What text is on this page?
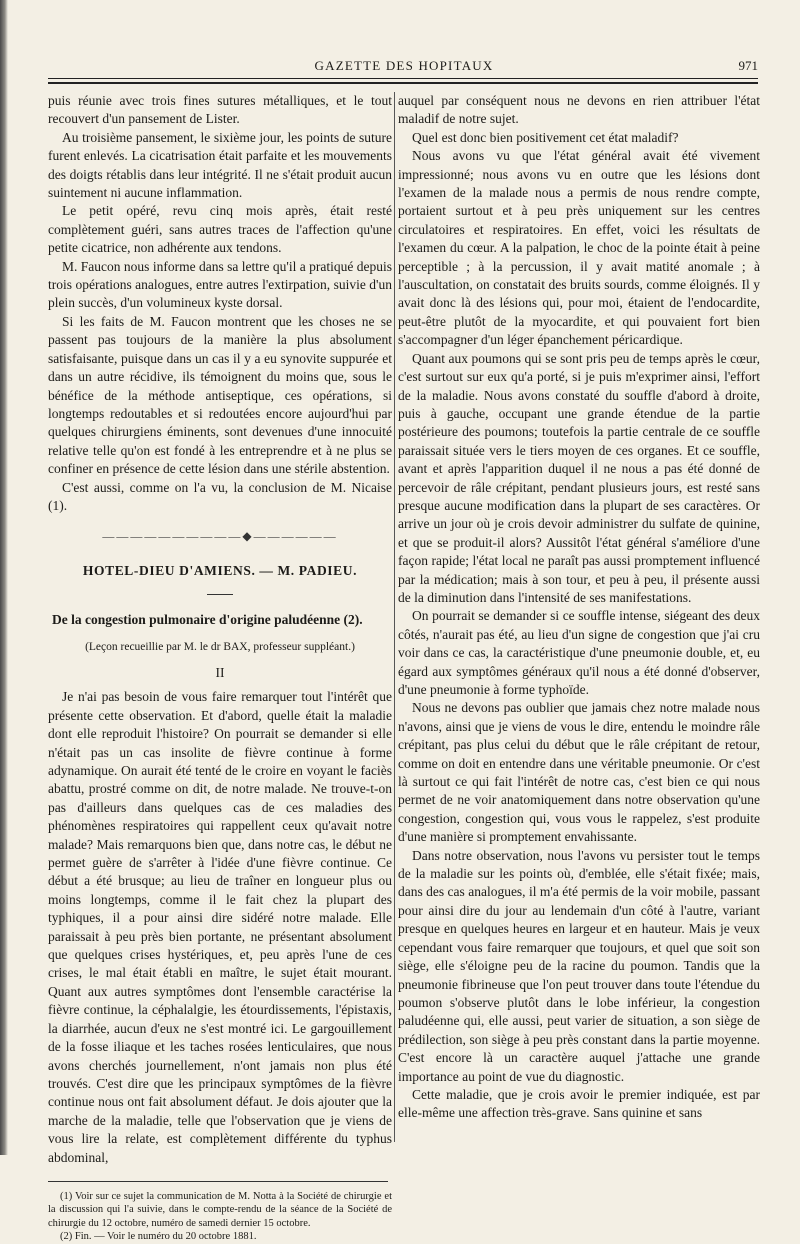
GAZETTE DES HOPITAUX	971

puis réunie avec trois fines sutures métalliques, et le tout recouvert d'un pansement de Lister.

Au troisième pansement, le sixième jour, les points de suture furent enlevés. La cicatrisation était parfaite et les mouvements des doigts rétablis dans leur intégrité. Il ne s'était produit aucun suintement ni aucune inflammation.

Le petit opéré, revu cinq mois après, était resté complètement guéri, sans autres traces de l'affection qu'une petite cicatrice, non adhérente aux tendons.

M. Faucon nous informe dans sa lettre qu'il a pratiqué depuis trois opérations analogues, entre autres l'extirpation, suivie d'un plein succès, d'un volumineux kyste dorsal.

Si les faits de M. Faucon montrent que les choses ne se passent pas toujours de la manière la plus absolument satisfaisante, puisque dans un cas il y a eu synovite suppurée et dans un autre récidive, ils témoignent du moins que, sous le bénéfice de la méthode antiseptique, ces opérations, si longtemps redoutables et si redoutées encore aujourd'hui par quelques chirurgiens éminents, sont devenues d'une innocuité relative telle qu'on est fondé à les entreprendre et à ne plus se confiner en présence de cette lésion dans une stérile abstention.

C'est aussi, comme on l'a vu, la conclusion de M. Nicaise (1).

——————————◆——————
HOTEL-DIEU D'AMIENS. — M. PADIEU.
De la congestion pulmonaire d'origine paludéenne (2).
(Leçon recueillie par M. le dr BAX, professeur suppléant.)
II

Je n'ai pas besoin de vous faire remarquer tout l'intérêt que présente cette observation. Et d'abord, quelle était la maladie dont elle reproduit l'histoire? On pourrait se demander si elle n'était pas un cas insolite de fièvre continue à forme adynamique. On aurait été tenté de le croire en voyant le faciès abattu, prostré comme on dit, de notre malade. Ne trouve-t-on pas d'ailleurs dans quelques cas de ces maladies des phénomènes respiratoires qui rappellent ceux qu'avait notre malade? Mais remarquons bien que, dans notre cas, le début ne permet guère de s'arrêter à l'idée d'une fièvre continue. Ce début a été brusque; au lieu de traîner en longueur plus ou moins longtemps, comme il le fait chez la plupart des typhiques, il a pour ainsi dire sidéré notre malade. Elle paraissait à peu près bien portante, ne présentant absolument que quelques crises hystériques, et, peu après l'une de ces crises, le mal était établi en maître, le sujet était mourant. Quant aux autres symptômes dont l'ensemble caractérise la fièvre continue, la céphalalgie, les étourdissements, l'épistaxis, la diarrhée, aucun d'eux ne s'est montré ici. Le gargouillement de la fosse iliaque et les taches rosées lenticulaires, que nous avons cherchés journellement, n'ont jamais non plus été trouvés. C'est dire que les principaux symptômes de la fièvre continue nous ont fait absolument défaut. Je dois ajouter que la marche de la maladie, telle que l'observation que je viens de vous lire la relate, est complètement différente du typhus abdominal,

(1) Voir sur ce sujet la communication de M. Notta à la Société de chirurgie et la discussion qui l'a suivie, dans le compte-rendu de la séance de la Société de chirurgie du 12 octobre, numéro de samedi dernier 15 octobre.

(2) Fin. — Voir le numéro du 20 octobre 1881.

auquel par conséquent nous ne devons en rien attribuer l'état maladif de notre sujet.

Quel est donc bien positivement cet état maladif?

Nous avons vu que l'état général avait été vivement impressionné; nous avons vu en outre que les lésions dont l'examen de la malade nous a permis de nous rendre compte, portaient surtout et à peu près uniquement sur les centres circulatoires et respiratoires. En effet, voici les résultats de l'examen du cœur. A la palpation, le choc de la pointe était à peine perceptible ; à la percussion, il y avait matité anomale ; à l'auscultation, on constatait des bruits sourds, comme éloignés. Il y avait donc là des lésions qui, pour moi, étaient de l'endocardite, peut-être plutôt de la myocardite, et qui pouvaient fort bien s'accompagner d'un léger épanchement péricardique.

Quant aux poumons qui se sont pris peu de temps après le cœur, c'est surtout sur eux qu'a porté, si je puis m'exprimer ainsi, l'effort de la maladie. Nous avons constaté du souffle d'abord à droite, puis à gauche, occupant une grande étendue de la partie postérieure des poumons; toutefois la partie centrale de ce souffle paraissait située vers le tiers moyen de ces organes. Et ce souffle, avant et après l'apparition duquel il ne nous a pas été donné de percevoir de râle crépitant, pendant plusieurs jours, est resté sans presque aucune modification dans la plupart de ses caractères. Or arrive un jour où je crois devoir administrer du sulfate de quinine, et que se produit-il alors? Aussitôt l'état général s'améliore d'une façon rapide; l'état local ne paraît pas aussi promptement influencé par la médication; mais à son tour, et peu à peu, il présente aussi de la diminution dans l'intensité de ses manifestations.

On pourrait se demander si ce souffle intense, siégeant des deux côtés, n'aurait pas été, au lieu d'un signe de congestion que j'ai cru voir dans ce cas, la caractéristique d'une pneumonie double, et, eu égard aux symptômes généraux qu'il nous a été donné d'observer, d'une pneumonie à forme typhoïde.

Nous ne devons pas oublier que jamais chez notre malade nous n'avons, ainsi que je viens de vous le dire, entendu le moindre râle crépitant, pas plus celui du début que le râle crépitant de retour, comme on doit en entendre dans une véritable pneumonie. Or c'est là surtout ce qui fait l'intérêt de notre cas, c'est bien ce qui nous permet de ne voir anatomiquement dans notre observation qu'une congestion, congestion qui, vous vous le rappelez, s'est produite d'une manière si promptement envahissante.

Dans notre observation, nous l'avons vu persister tout le temps de la maladie sur les points où, d'emblée, elle s'était fixée; mais, dans des cas analogues, il m'a été permis de la voir mobile, passant pour ainsi dire du jour au lendemain d'un côté à l'autre, variant presque en quelques heures en largeur et en hauteur. Mais je veux cependant vous faire remarquer que toujours, et quel que soit son siège, elle s'éloigne peu de la racine du poumon. Tandis que la pneumonie fibrineuse que l'on peut trouver dans toute l'étendue du poumon s'observe plutôt dans le lobe inférieur, la congestion paludéenne qui, elle aussi, peut varier de situation, a son siège de prédilection, son siège à peu près constant dans la partie moyenne. C'est encore là un caractère auquel j'attache une grande importance au point de vue du diagnostic.

Cette maladie, que je crois avoir le premier indiquée, est par elle-même une affection très-grave. Sans quinine et sans
